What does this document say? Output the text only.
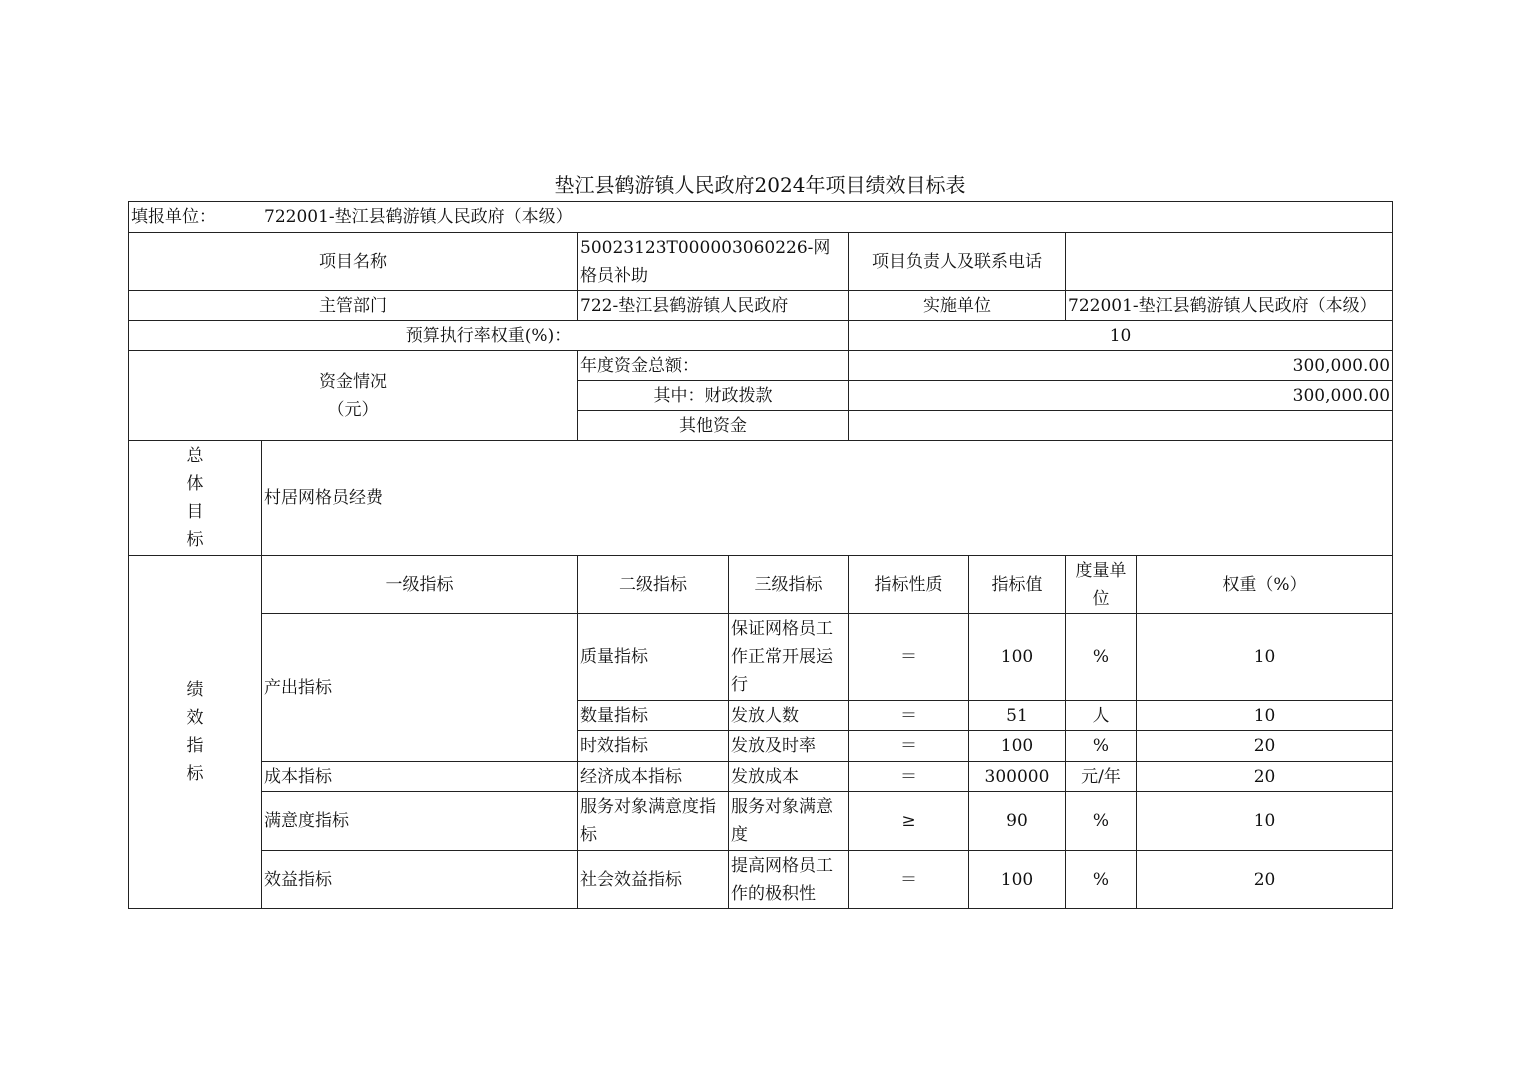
垫江县鹤游镇人民政府2024年项目绩效目标表
填报单位： 722001-垫江县鹤游镇人民政府（本级）							
项目名称		50023123T000003060226-网格员补助		项目负责人及联系电话			
主管部门		722-垫江县鹤游镇人民政府		实施单位		722001-垫江县鹤游镇人民政府（本级）	
预算执行率权重(%)：				10			

资金情况
（元）		年度资金总额：		300,000.00			
		其中：财政拨款		300,000.00			
		其他资金					

总
体
目
标	村居网格员经费						

绩
效
指
标	一级指标	二级指标	三级指标	指标性质	指标值	度量单位	权重（%）
	产出指标	质量指标	保证网格员工作正常开展运行	＝	100	%	10
		数量指标	发放人数	＝	51	人	10
		时效指标	发放及时率	＝	100	%	20
	成本指标	经济成本指标	发放成本	＝	300000	元/年	20
	满意度指标	服务对象满意度指标	服务对象满意度	≥	90	%	10
	效益指标	社会效益指标	提高网格员工作的极积性	＝	100	%	20
